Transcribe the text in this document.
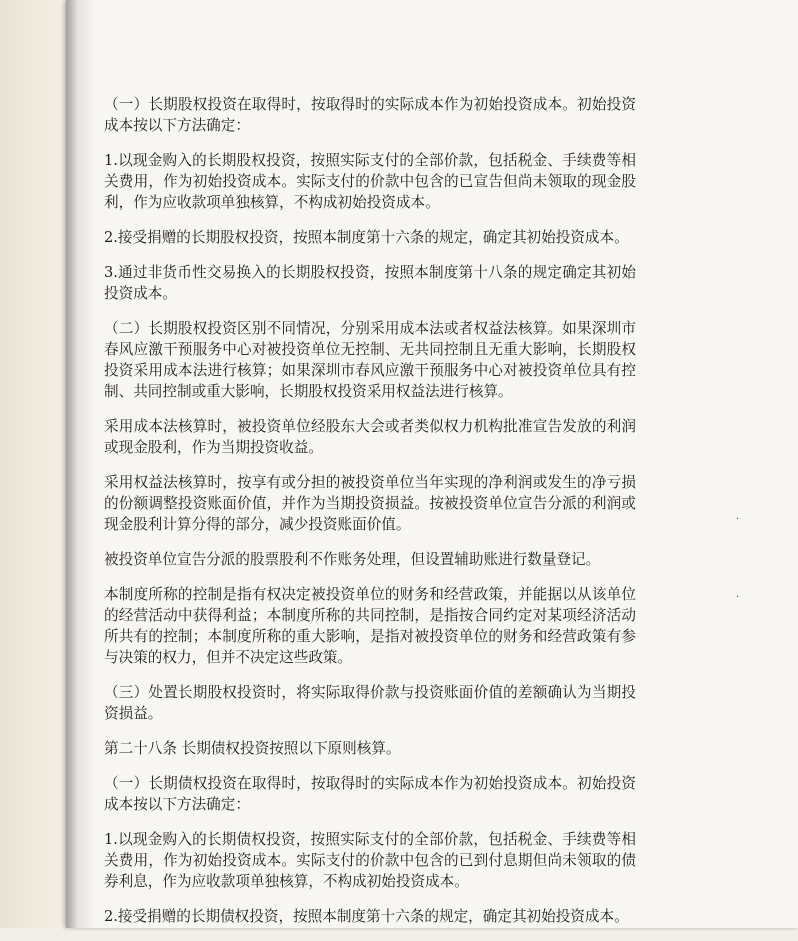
（一）长期股权投资在取得时，按取得时的实际成本作为初始投资成本。初始投资成本按以下方法确定：

1.以现金购入的长期股权投资，按照实际支付的全部价款，包括税金、手续费等相关费用，作为初始投资成本。实际支付的价款中包含的已宣告但尚未领取的现金股利，作为应收款项单独核算，不构成初始投资成本。

2.接受捐赠的长期股权投资，按照本制度第十六条的规定，确定其初始投资成本。

3.通过非货币性交易换入的长期股权投资，按照本制度第十八条的规定确定其初始投资成本。

（二）长期股权投资区别不同情况，分别采用成本法或者权益法核算。如果深圳市春风应激干预服务中心对被投资单位无控制、无共同控制且无重大影响，长期股权投资采用成本法进行核算；如果深圳市春风应激干预服务中心对被投资单位具有控制、共同控制或重大影响，长期股权投资采用权益法进行核算。

采用成本法核算时，被投资单位经股东大会或者类似权力机构批准宣告发放的利润或现金股利，作为当期投资收益。

采用权益法核算时，按享有或分担的被投资单位当年实现的净利润或发生的净亏损的份额调整投资账面价值，并作为当期投资损益。按被投资单位宣告分派的利润或现金股利计算分得的部分，减少投资账面价值。

被投资单位宣告分派的股票股利不作账务处理，但设置辅助账进行数量登记。

本制度所称的控制是指有权决定被投资单位的财务和经营政策，并能据以从该单位的经营活动中获得利益；本制度所称的共同控制，是指按合同约定对某项经济活动所共有的控制；本制度所称的重大影响，是指对被投资单位的财务和经营政策有参与决策的权力，但并不决定这些政策。

（三）处置长期股权投资时，将实际取得价款与投资账面价值的差额确认为当期投资损益。

第二十八条 长期债权投资按照以下原则核算。

（一）长期债权投资在取得时，按取得时的实际成本作为初始投资成本。初始投资成本按以下方法确定：

1.以现金购入的长期债权投资，按照实际支付的全部价款，包括税金、手续费等相关费用，作为初始投资成本。实际支付的价款中包含的已到付息期但尚未领取的债券利息，作为应收款项单独核算，不构成初始投资成本。

2.接受捐赠的长期债权投资，按照本制度第十六条的规定，确定其初始投资成本。

·
·
